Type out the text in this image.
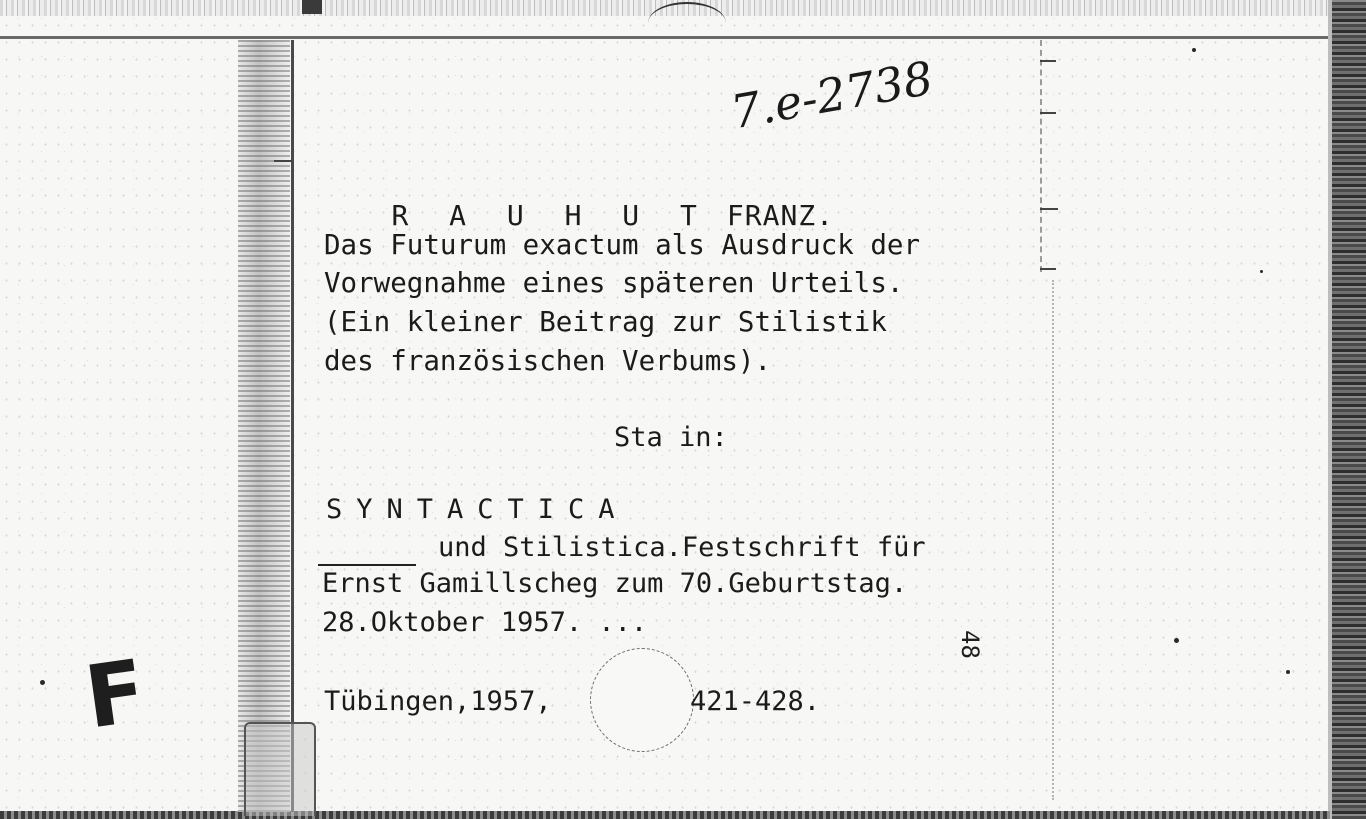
F
7.e-2738

R A U H U T FRANZ.

Das Futurum exactum als Ausdruck der
Vorwegnahme eines späteren Urteils.
(Ein kleiner Beitrag zur Stilistik
des französischen Verbums).
Sta in:
SYNTACTICA
und Stilistica.Festschrift für
Ernst Gamillscheg zum 70.Geburtstag.
28.Oktober 1957. ...
Tübingen,1957,	421-428.
48
